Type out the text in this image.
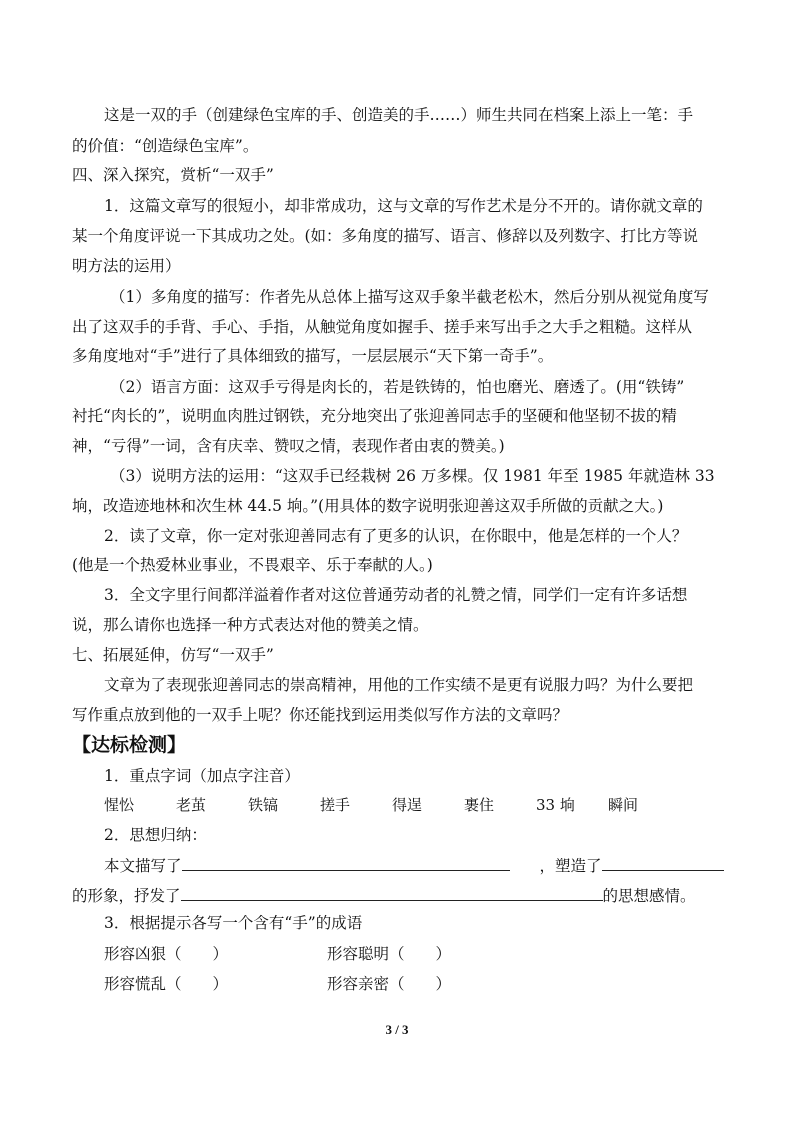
这是一双的手（创建绿色宝库的手、创造美的手……）师生共同在档案上添上一笔：手
的价值：“创造绿色宝库”。
四、深入探究，赏析“一双手”
1．这篇文章写的很短小，却非常成功，这与文章的写作艺术是分不开的。请你就文章的
某一个角度评说一下其成功之处。(如：多角度的描写、语言、修辞以及列数字、打比方等说
明方法的运用）
（1）多角度的描写：作者先从总体上描写这双手象半截老松木，然后分别从视觉角度写
出了这双手的手背、手心、手指，从触觉角度如握手、搓手来写出手之大手之粗糙。这样从
多角度地对“手”进行了具体细致的描写，一层层展示“天下第一奇手”。
（2）语言方面：这双手亏得是肉长的，若是铁铸的，怕也磨光、磨透了。(用“铁铸”
衬托“肉长的”，说明血肉胜过钢铁，充分地突出了张迎善同志手的坚硬和他坚韧不拔的精
神，“亏得”一词，含有庆幸、赞叹之情，表现作者由衷的赞美。)
（3）说明方法的运用：“这双手已经栽树 26 万多棵。仅 1981 年至 1985 年就造林 33
垧，改造迹地林和次生林 44.5 垧。”(用具体的数字说明张迎善这双手所做的贡献之大。)
2．读了文章，你一定对张迎善同志有了更多的认识，在你眼中，他是怎样的一个人？
(他是一个热爱林业事业，不畏艰辛、乐于奉献的人。)
3．全文字里行间都洋溢着作者对这位普通劳动者的礼赞之情，同学们一定有许多话想
说，那么请你也选择一种方式表达对他的赞美之情。
七、拓展延伸，仿写“一双手”
文章为了表现张迎善同志的崇高精神，用他的工作实绩不是更有说服力吗？为什么要把
写作重点放到他的一双手上呢？你还能找到运用类似写作方法的文章吗？
【达标检测】
1．重点字词（加点字注音）
惺忪	老茧	铁镐	搓手	得逞	裹住	33 垧 瞬间
2．思想归纳：
本文描写了	，塑造了
的形象，抒发了	的思想感情。
3．根据提示各写一个含有“手”的成语
形容凶狠（　　）	形容聪明（　　）
形容慌乱（　　）	形容亲密（　　）
3 / 3
